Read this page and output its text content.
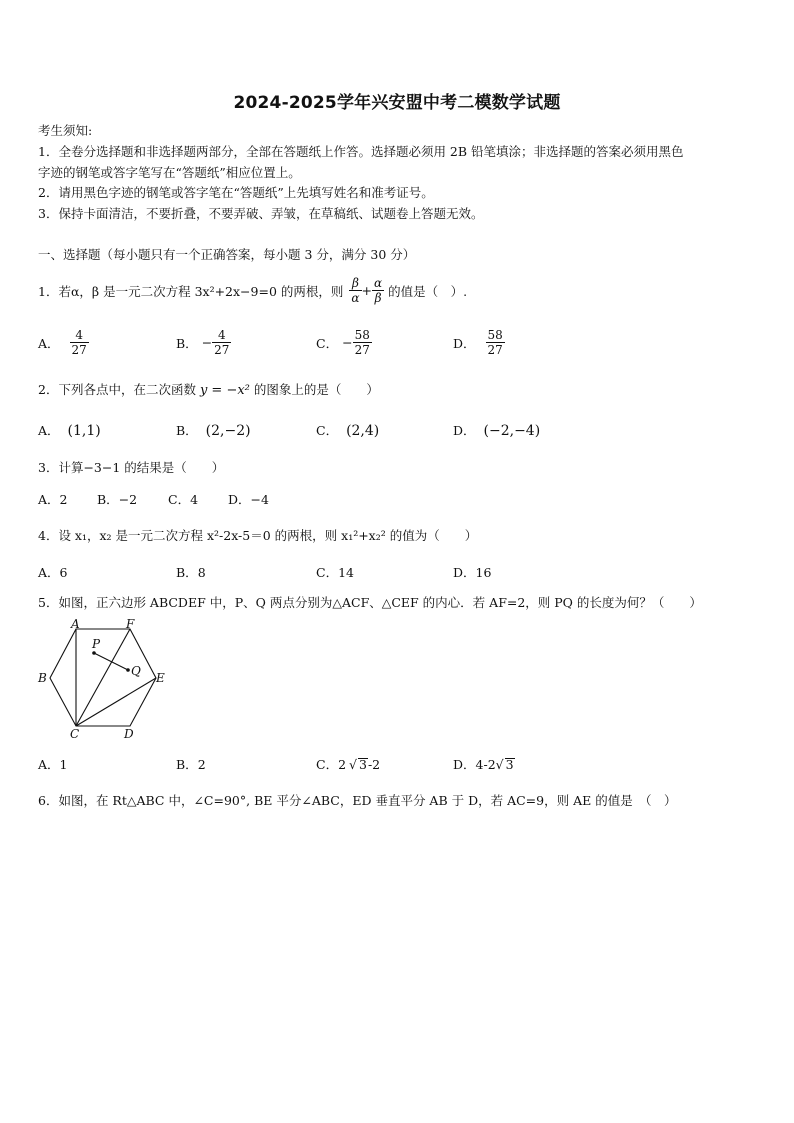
2024-2025学年兴安盟中考二模数学试题
考生须知:
1．全卷分选择题和非选择题两部分，全部在答题纸上作答。选择题必须用 2B 铅笔填涂；非选择题的答案必须用黑色
字迹的钢笔或答字笔写在“答题纸”相应位置上。
2．请用黑色字迹的钢笔或答字笔在“答题纸”上先填写姓名和准考证号。
3．保持卡面清洁，不要折叠，不要弄破、弄皱，在草稿纸、试题卷上答题无效。
一、选择题（每小题只有一个正确答案，每小题 3 分，满分 30 分）
1．若α，β 是一元二次方程 3x²+2x−9=0 的两根，则 $\frac{\beta}{\alpha} + \frac{\alpha}{\beta}$ 的值是（　）.
A． $\frac{4}{27}$	B． − $\frac{4}{27}$	C． − $\frac{58}{27}$	D． $\frac{58}{27}$
2．下列各点中，在二次函数 y = −x² 的图象上的是（　　）
A． (1,1)	B． (2,−2)	C． (2,4)	D． (−2,−4)
3．计算−3−1 的结果是（　　）
A．2 B．−2 C．4 D．−4
4．设 x₁，x₂ 是一元二次方程 x²-2x-5＝0 的两根，则 x₁²+x₂² 的值为（　　）
A．6	B．8	C．14	D．16
5．如图，正六边形 ABCDEF 中，P、Q 两点分别为△ACF、△CEF 的内心．若 AF=2，则 PQ 的长度为何？（　　）
A	F
B	E
C	D
P
Q
A．1	B．2	C．2 √ 3-2	D．4-2√ 3
6．如图，在 Rt△ABC 中，∠C=90°, BE 平分∠ABC，ED 垂直平分 AB 于 D，若 AC=9，则 AE 的值是　（　）
